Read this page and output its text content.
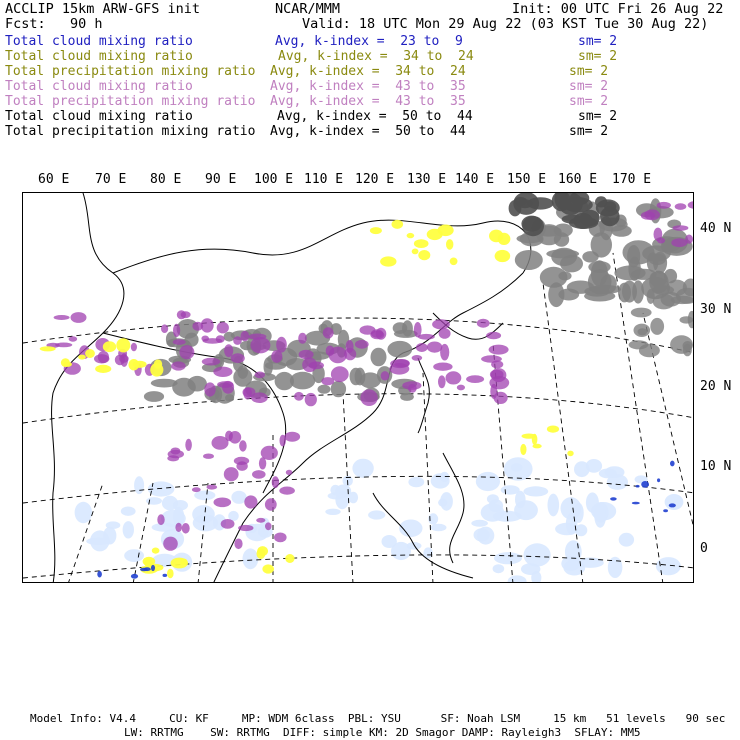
ACCLIP 15km ARW-GFS init	NCAR/MMM	Init: 00 UTC Fri 26 Aug 22
Fcst:   90 h	Valid: 18 UTC Mon 29 Aug 22 (03 KST Tue 30 Aug 22)
Total cloud mixing ratio	Avg, k-index =  23 to  9	sm= 2
Total cloud mixing ratio	Avg, k-index =  34 to  24	sm= 2
Total precipitation mixing ratio Avg, k-index =  34 to  24	sm= 2
Total cloud mixing ratio	Avg, k-index =  43 to  35	sm= 2
Total precipitation mixing ratio Avg, k-index =  43 to  35	sm= 2
Total cloud mixing ratio	Avg, k-index =  50 to  44	sm= 2
Total precipitation mixing ratio Avg, k-index =  50 to  44	sm= 2
60 E 70 E 80 E 90 E 100 E 110 E 120 E 130 E 140 E 150 E 160 E 170 E
40 N
30 N
20 N
10 N
0
Model Info: V4.4     CU: KF     MP: WDM 6class  PBL: YSU      SF: Noah LSM     15 km   51 levels   90 sec
LW: RRTMG    SW: RRTMG  DIFF: simple KM: 2D Smagor DAMP: Rayleigh3  SFLAY: MM5
